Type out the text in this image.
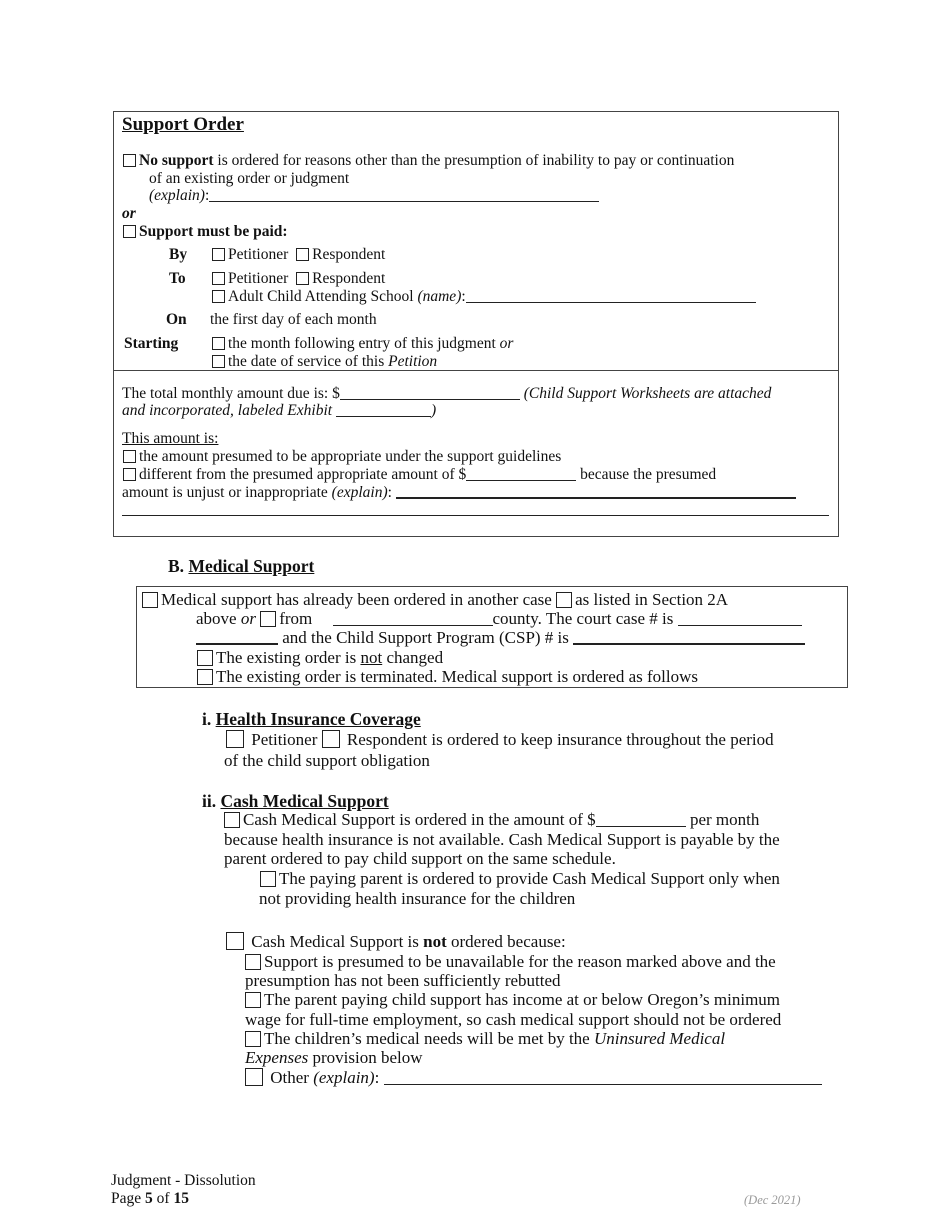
Support Order
No support is ordered for reasons other than the presumption of inability to pay or continuation
of an existing order or judgment
(explain):
or
Support must be paid:
By	Petitioner Respondent
To	Petitioner Respondent
Adult Child Attending School (name):
On the first day of each month
Starting	the month following entry of this judgment or
the date of service of this Petition
The total monthly amount due is: $	(Child Support Worksheets are attached
and incorporated, labeled Exhibit	)
This amount is:
the amount presumed to be appropriate under the support guidelines
different from the presumed appropriate amount of $	because the presumed
amount is unjust or inappropriate (explain):
B. Medical Support
Medical support has already been ordered in another case as listed in Section 2A
above or from	county. The court case # is
and the Child Support Program (CSP) # is
The existing order is not changed
The existing order is terminated. Medical support is ordered as follows
i. Health Insurance Coverage
Petitioner Respondent is ordered to keep insurance throughout the period
of the child support obligation
ii. Cash Medical Support
Cash Medical Support is ordered in the amount of $	per month
because health insurance is not available. Cash Medical Support is payable by the
parent ordered to pay child support on the same schedule.
The paying parent is ordered to provide Cash Medical Support only when
not providing health insurance for the children
Cash Medical Support is not ordered because:
Support is presumed to be unavailable for the reason marked above and the
presumption has not been sufficiently rebutted
The parent paying child support has income at or below Oregon’s minimum
wage for full-time employment, so cash medical support should not be ordered
The children’s medical needs will be met by the Uninsured Medical
Expenses provision below
Other (explain):
Judgment - Dissolution
Page 5 of 15	(Dec 2021)
